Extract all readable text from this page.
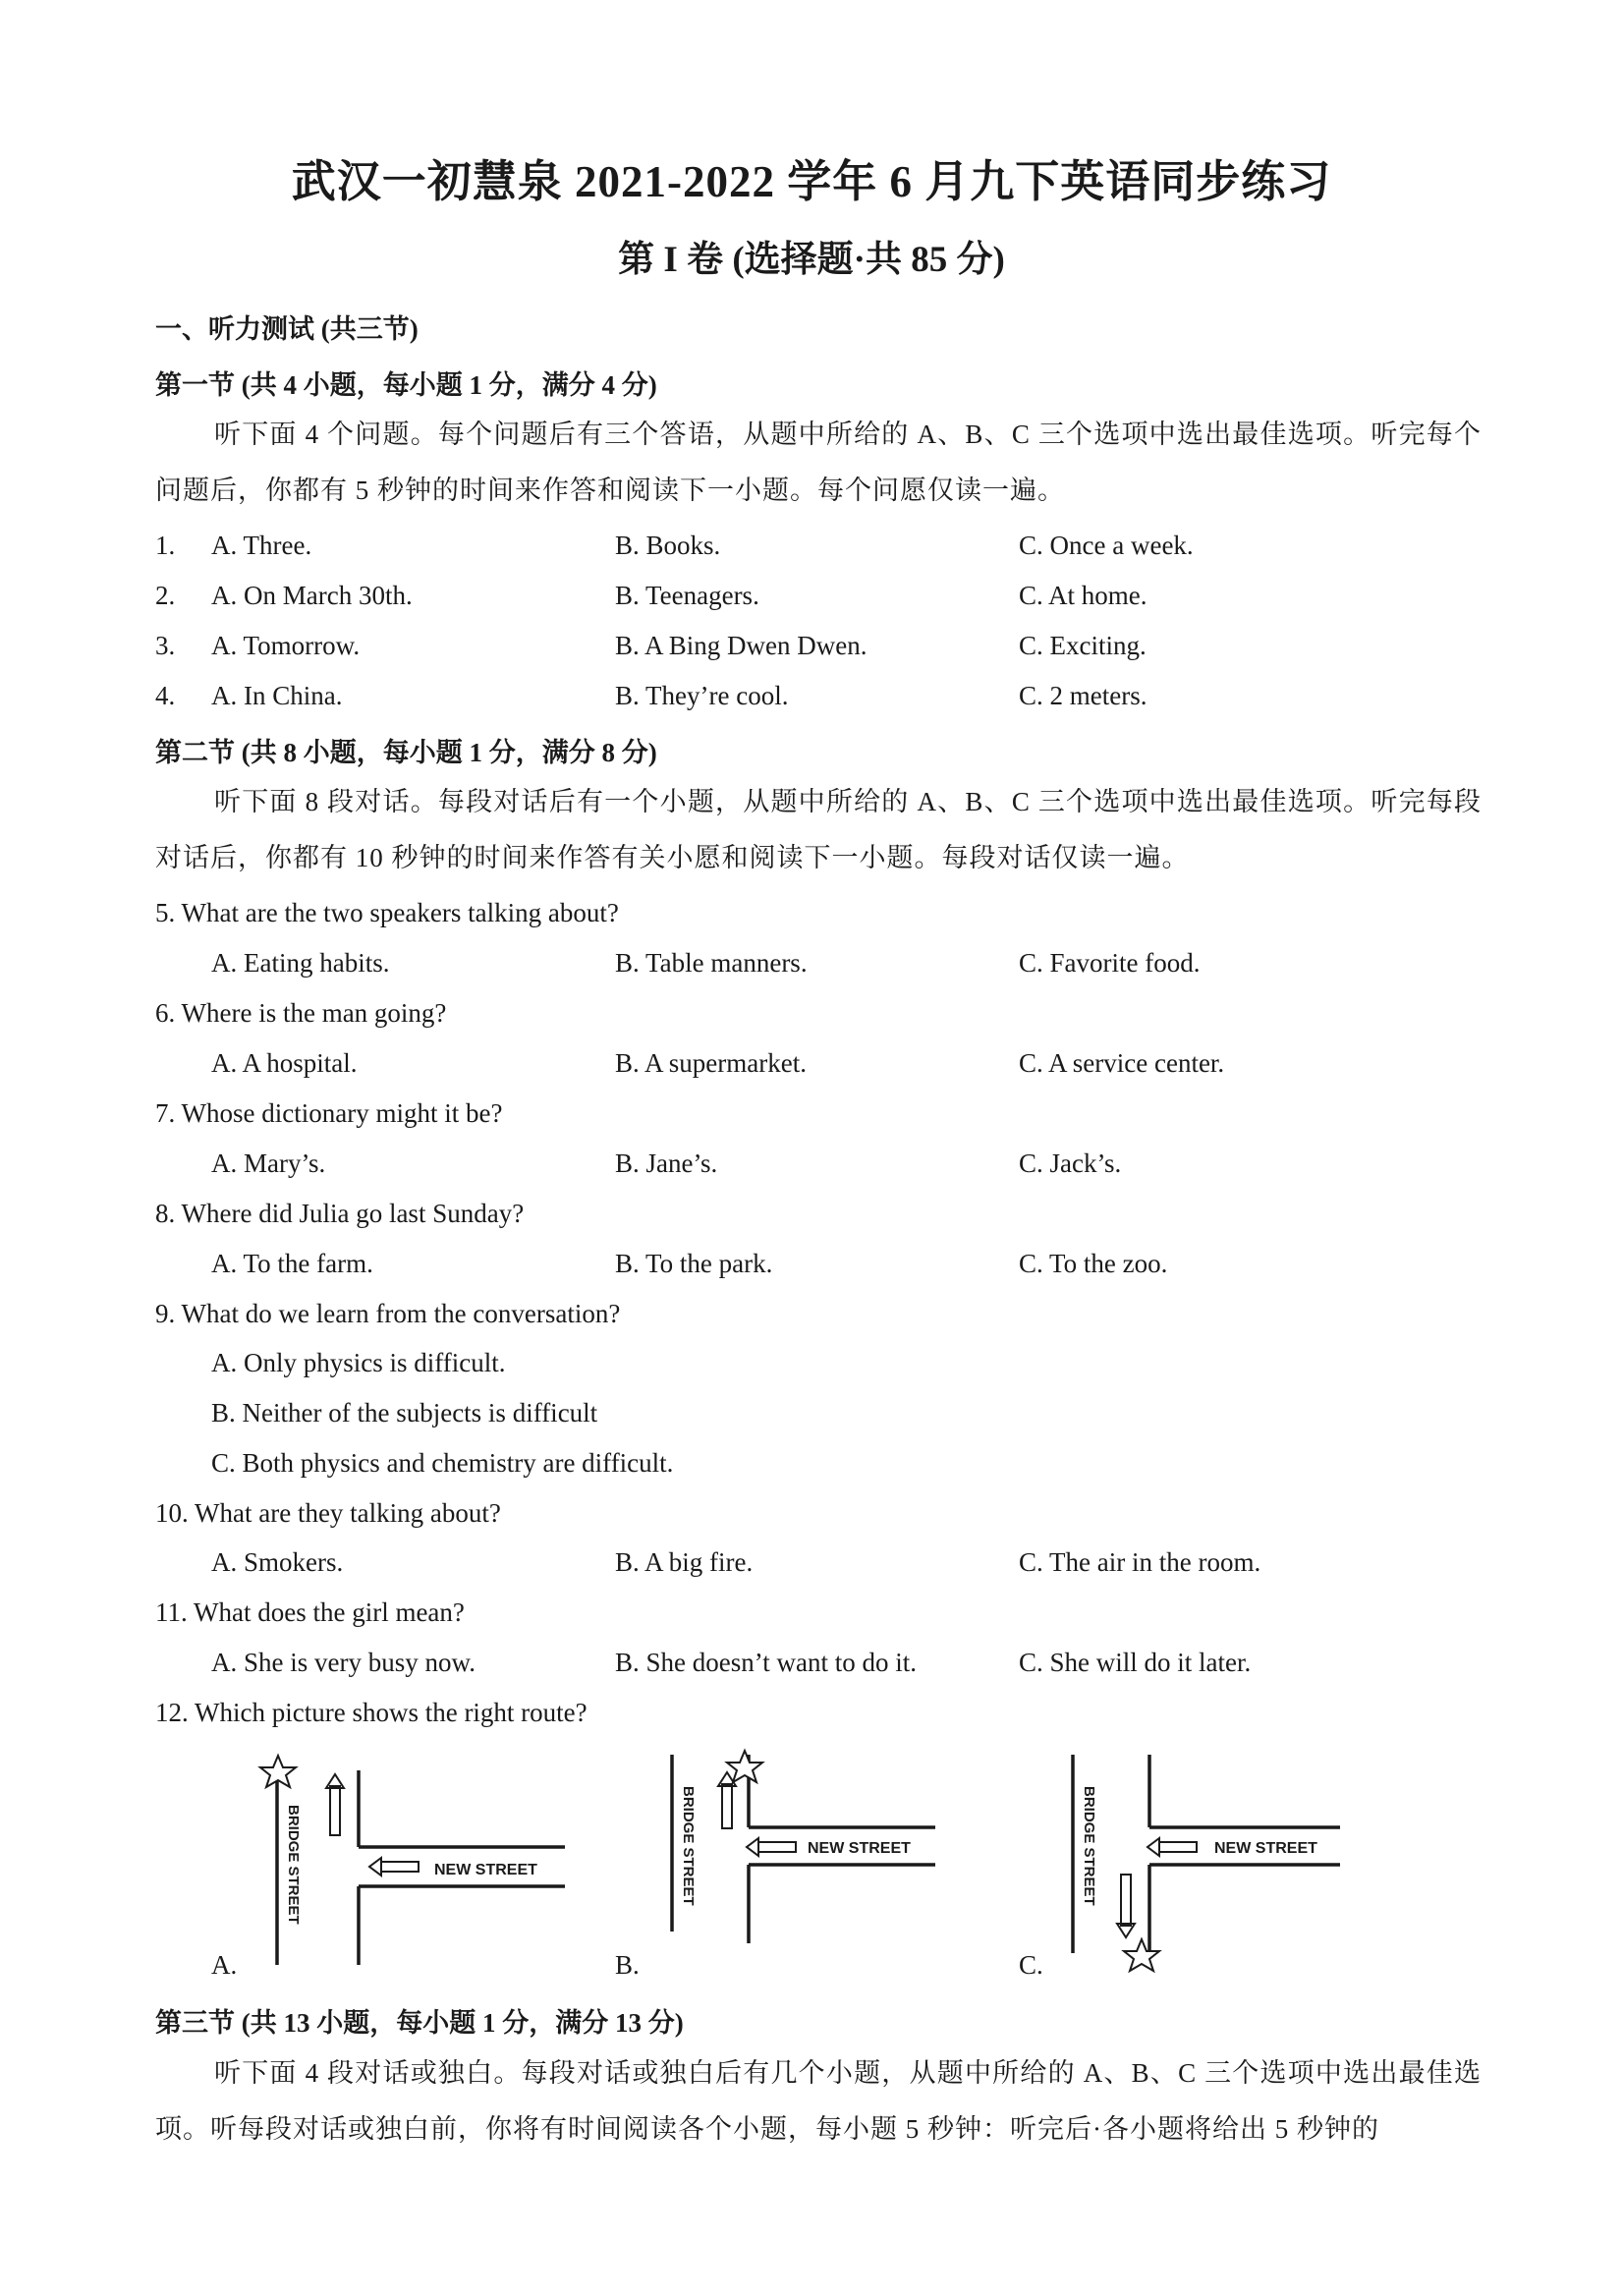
武汉一初慧泉 2021-2022 学年 6 月九下英语同步练习
第 I 卷 (选择题·共 85 分)
一、听力测试 (共三节)
第一节 (共 4 小题，每小题 1 分，满分 4 分)
听下面 4 个问题。每个问题后有三个答语，从题中所给的 A、B、C 三个选项中选出最佳选项。听完每个问题后，你都有 5 秒钟的时间来作答和阅读下一小题。每个问愿仅读一遍。
1. A. Three.	B. Books.	C. Once a week.
2. A. On March 30th.	B. Teenagers.	C. At home.
3. A. Tomorrow.	B. A Bing Dwen Dwen.	C. Exciting.
4. A. In China.	B. They’re cool.	C. 2 meters.
第二节 (共 8 小题，每小题 1 分，满分 8 分)
听下面 8 段对话。每段对话后有一个小题，从题中所给的 A、B、C 三个选项中选出最佳选项。听完每段对话后，你都有 10 秒钟的时间来作答有关小愿和阅读下一小题。每段对话仅读一遍。
5. What are the two speakers talking about?
A. Eating habits.	B. Table manners.	C. Favorite food.
6. Where is the man going?
A. A hospital.	B. A supermarket.	C. A service center.
7. Whose dictionary might it be?
A. Mary’s.	B. Jane’s.	C. Jack’s.
8. Where did Julia go last Sunday?
A. To the farm.	B. To the park.	C. To the zoo.
9. What do we learn from the conversation?
A. Only physics is difficult.
B. Neither of the subjects is difficult
C. Both physics and chemistry are difficult.
10. What are they talking about?
A. Smokers.	B. A big fire.	C. The air in the room.
11. What does the girl mean?
A. She is very busy now.	B. She doesn’t want to do it.	C. She will do it later.
12. Which picture shows the right route?
BRIDGE STREET	NEW STREET
A.
BRIDGE STREET	NEW STREET
B.
BRIDGE STREET	NEW STREET
C.
第三节 (共 13 小题，每小题 1 分，满分 13 分)
听下面 4 段对话或独白。每段对话或独白后有几个小题，从题中所给的 A、B、C 三个选项中选出最佳选项。听每段对话或独白前，你将有时间阅读各个小题，每小题 5 秒钟：听完后·各小题将给出 5 秒钟的
